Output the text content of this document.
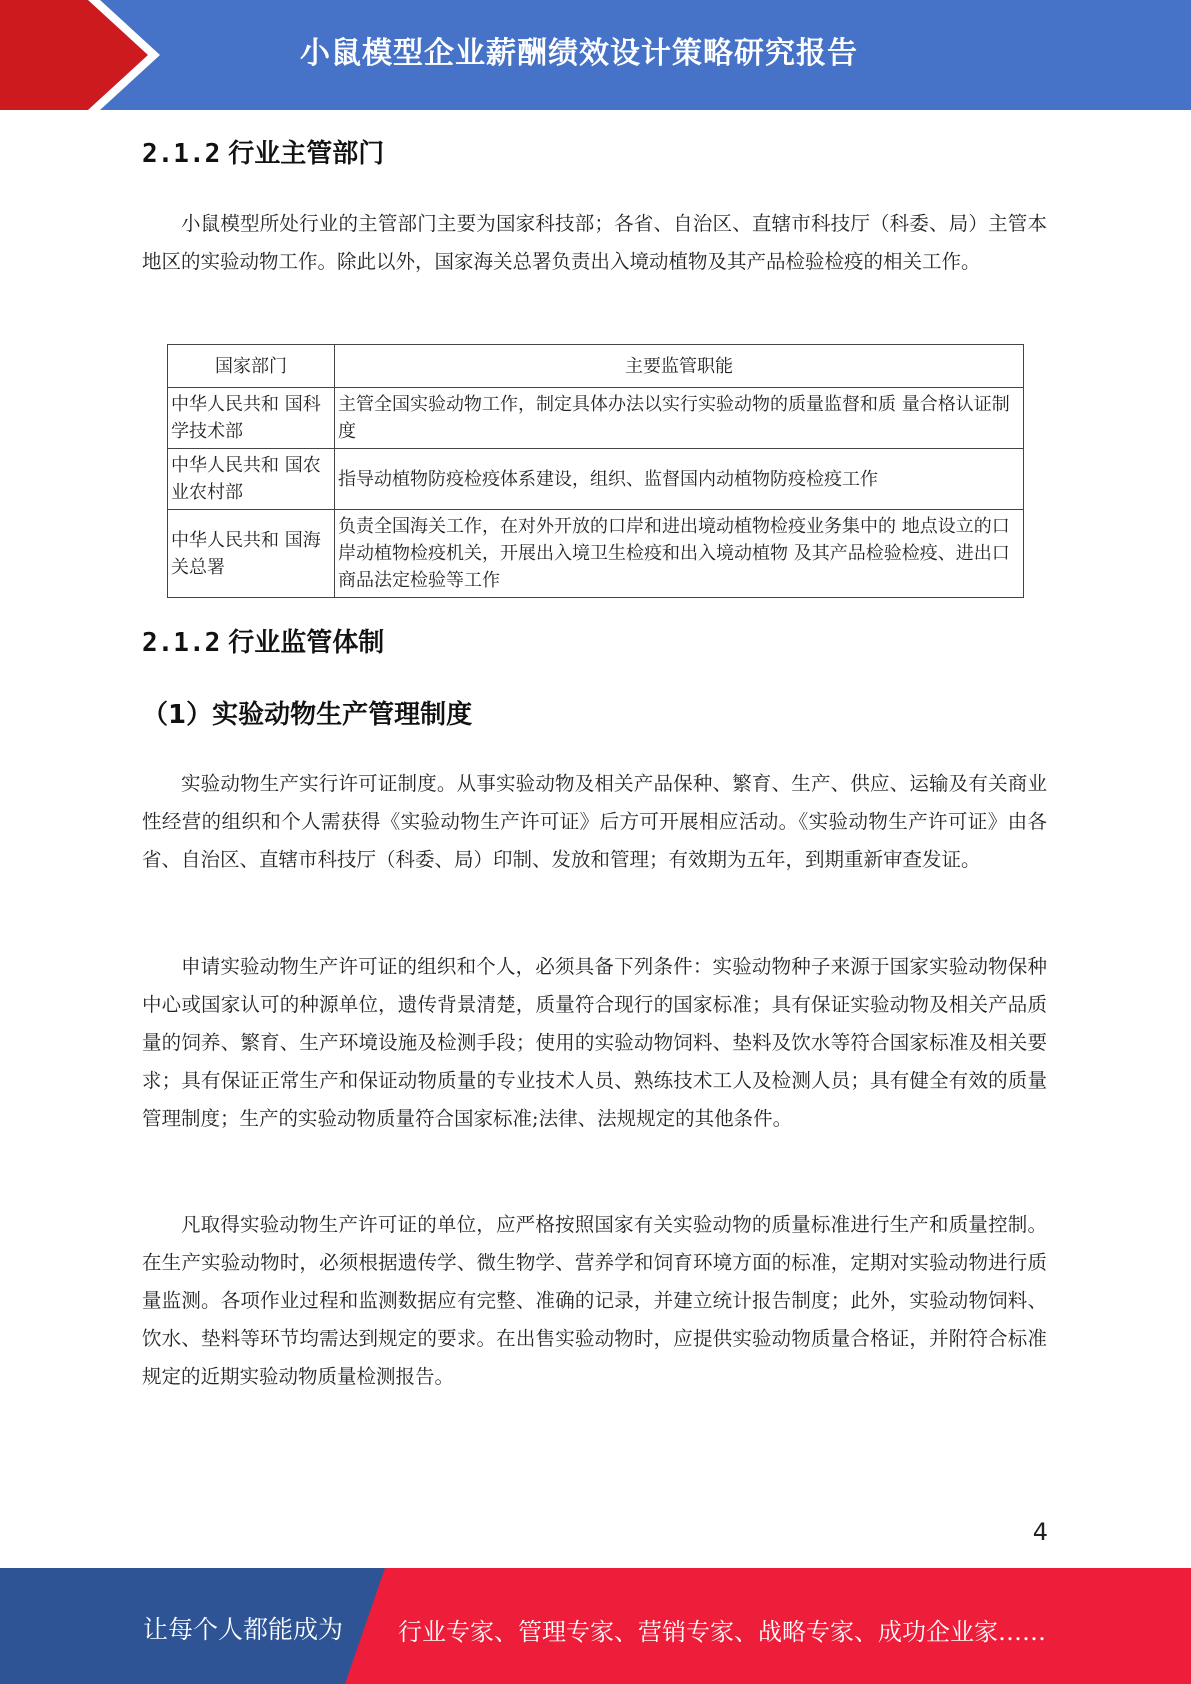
小鼠模型企业薪酬绩效设计策略研究报告
2.1.2 行业主管部门
小鼠模型所处行业的主管部门主要为国家科技部；各省、自治区、直辖市科技厅（科委、局）主管本地区的实验动物工作。除此以外，国家海关总署负责出入境动植物及其产品检验检疫的相关工作。
国家部门	主要监管职能
中华人民共和 国科学技术部	主管全国实验动物工作，制定具体办法以实行实验动物的质量监督和质 量合格认证制度
中华人民共和 国农业农村部	指导动植物防疫检疫体系建设，组织、监督国内动植物防疫检疫工作
中华人民共和 国海关总署	负责全国海关工作，在对外开放的口岸和进出境动植物检疫业务集中的 地点设立的口岸动植物检疫机关，开展出入境卫生检疫和出入境动植物 及其产品检验检疫、进出口商品法定检验等工作
2.1.2 行业监管体制
（1）实验动物生产管理制度
实验动物生产实行许可证制度。从事实验动物及相关产品保种、繁育、生产、供应、运输及有关商业性经营的组织和个人需获得《实验动物生产许可证》后方可开展相应活动。《实验动物生产许可证》由各省、自治区、直辖市科技厅（科委、局）印制、发放和管理；有效期为五年，到期重新审查发证。
申请实验动物生产许可证的组织和个人，必须具备下列条件：实验动物种子来源于国家实验动物保种中心或国家认可的种源单位，遗传背景清楚，质量符合现行的国家标准；具有保证实验动物及相关产品质量的饲养、繁育、生产环境设施及检测手段；使用的实验动物饲料、垫料及饮水等符合国家标准及相关要求；具有保证正常生产和保证动物质量的专业技术人员、熟练技术工人及检测人员；具有健全有效的质量管理制度；生产的实验动物质量符合国家标准;法律、法规规定的其他条件。
凡取得实验动物生产许可证的单位，应严格按照国家有关实验动物的质量标准进行生产和质量控制。在生产实验动物时，必须根据遗传学、微生物学、营养学和饲育环境方面的标准，定期对实验动物进行质量监测。各项作业过程和监测数据应有完整、准确的记录，并建立统计报告制度；此外，实验动物饲料、饮水、垫料等环节均需达到规定的要求。在出售实验动物时，应提供实验动物质量合格证，并附符合标准规定的近期实验动物质量检测报告。
4
让每个人都能成为 行业专家、管理专家、营销专家、战略专家、成功企业家……
